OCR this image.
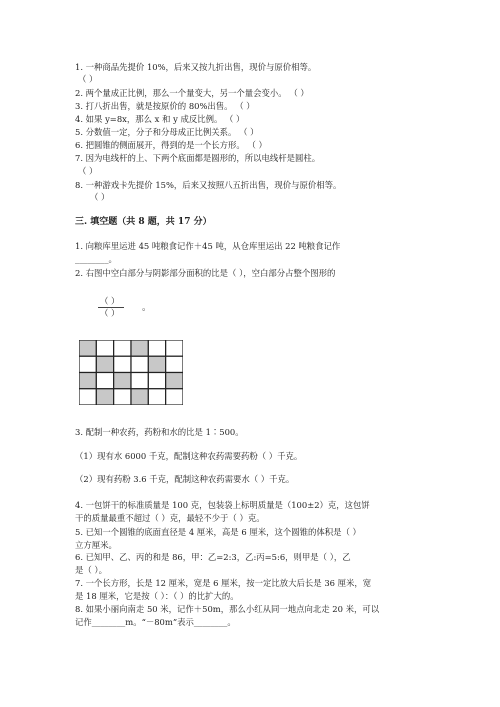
1. 一种商品先提价 10%，后来又按九折出售，现价与原价相等。
（ ）
2. 两个量成正比例，那么一个量变大，另一个量会变小。 （ ）
3. 打八折出售，就是按原价的 80%出售。 （ ）
4. 如果 y=8x，那么 x 和 y 成反比例。 （ ）
5. 分数值一定，分子和分母成正比例关系。 （ ）
6. 把圆锥的侧面展开，得到的是一个长方形。 （ ）
7. 因为电线杆的上、下两个底面都是圆形的，所以电线杆是圆柱。
（ ）
8. 一种游戏卡先提价 15%，后来又按照八五折出售，现价与原价相等。
（ ）
三. 填空题（共 8 题，共 17 分）
1. 向粮库里运进 45 吨粮食记作＋45 吨，从仓库里运出 22 吨粮食记作
________。
2. 右图中空白部分与阴影部分面积的比是（ ），空白部分占整个图形的
（ ）
（ ）	。
3. 配制一种农药，药粉和水的比是 1∶500。
（1）现有水 6000 千克，配制这种农药需要药粉（ ）千克。
（2）现有药粉 3.6 千克，配制这种农药需要水（ ）千克。
4. 一包饼干的标准质量是 100 克，包装袋上标明质量是（100±2）克，这包饼
干的质量最重不超过（ ）克，最轻不少于（ ）克。
5. 已知一个圆锥的底面直径是 4 厘米，高是 6 厘米，这个圆锥的体积是（ ）
立方厘米。
6. 已知甲、乙、丙的和是 86，甲：乙=2:3，乙:丙=5:6，则甲是（ ），乙
是（ ）。
7. 一个长方形，长是 12 厘米，宽是 6 厘米，按一定比放大后长是 36 厘米，宽
是 18 厘米，它是按（ ）：（ ）的比扩大的。
8. 如果小丽向南走 50 米，记作＋50m，那么小红从同一地点向北走 20 米，可以
记作________m。“－80m”表示________。
